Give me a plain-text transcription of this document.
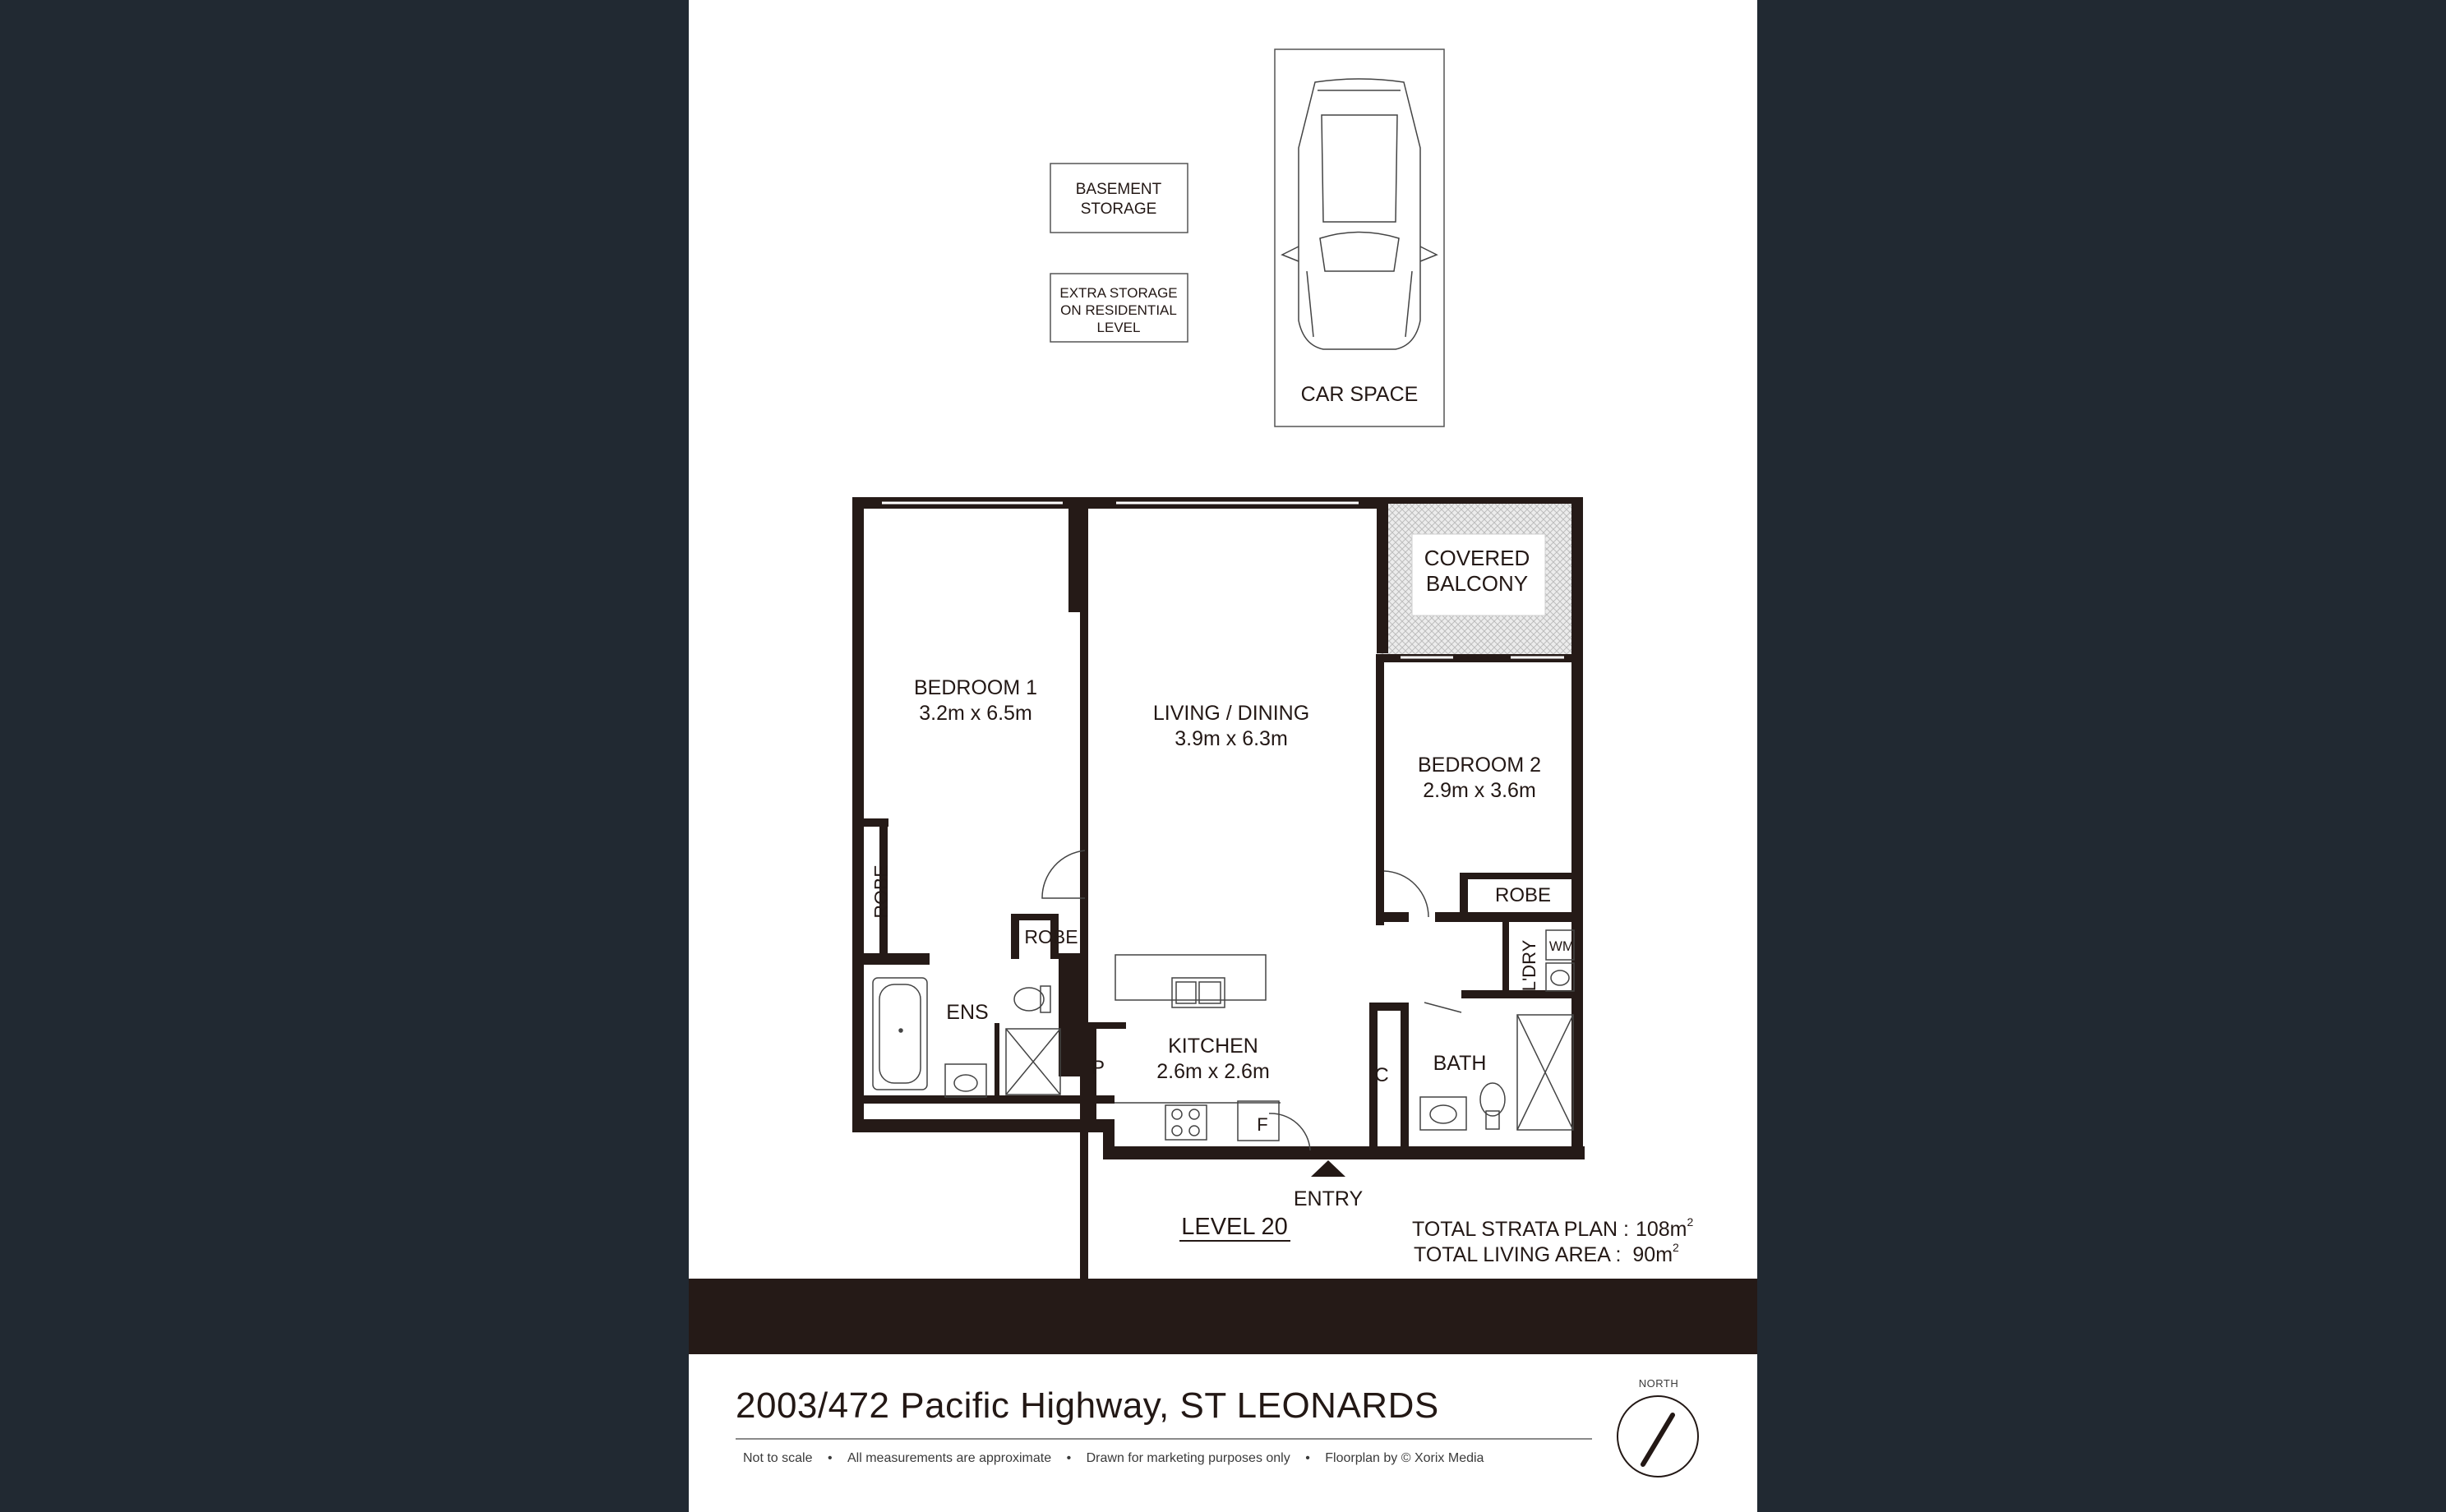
BASEMENT
STORAGE
EXTRA STORAGE
ON RESIDENTIAL
LEVEL
CAR SPACE
COVERED
BALCONY
BEDROOM 1
3.2m x 6.5m	LIVING / DINING
3.9m x 6.3m
BEDROOM 2
2.9m x 3.6m
KITCHEN
2.6m x 2.6m
ROBE
ROBE
ROBE
ENS
L'DRY WM
BATH
P	C
F
ENTRY
LEVEL 20	TOTAL STRATA PLAN : $108m^2$
TOTAL LIVING AREA : $90m^2$
2003/472 Pacific Highway, ST LEONARDS
Not to scale • All measurements are approximate • Drawn for marketing purposes only • Floorplan by © Xorix Media
NORTH
